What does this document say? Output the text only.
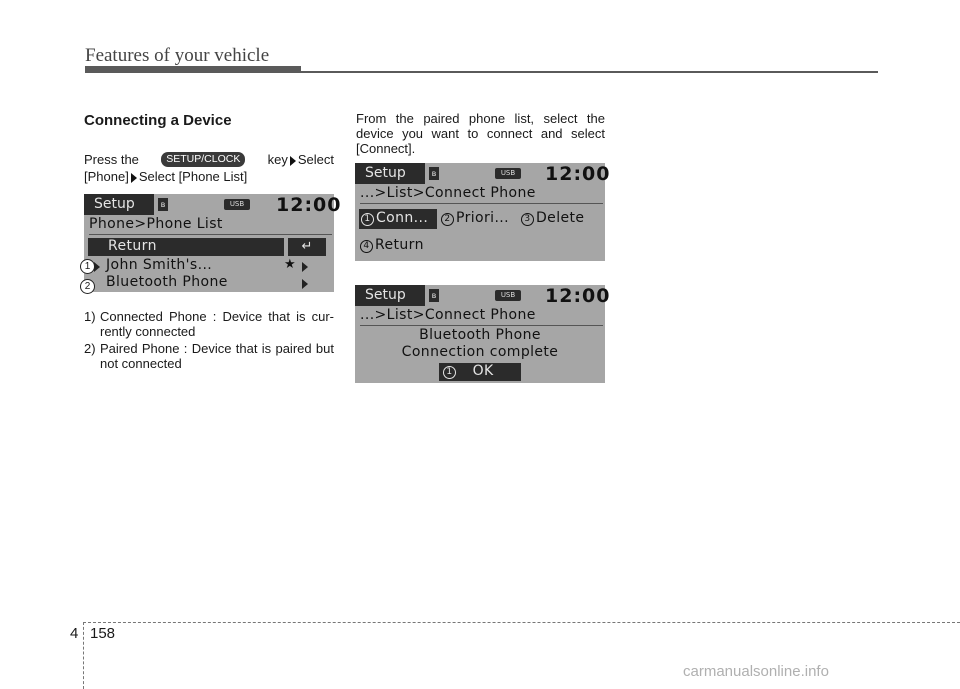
Features of your vehicle
Connecting a Device
Press the	SETUP/CLOCK	key Select
[Phone] Select [Phone List]
Setup	ʙ	USB	12:00
Phone>Phone List
Return	↵
John Smith's...	★
Bluetooth Phone
1
2
1) Connected Phone : Device that is cur-rently connected
2) Paired Phone : Device that is paired but not connected
From the paired phone list, select the device you want to connect and select [Connect].
Setup	ʙ	USB	12:00
...>List>Connect Phone
1 Conn...	2 Priori...	3 Delete
4 Return
Setup	ʙ	USB	12:00
...>List>Connect Phone
Bluetooth Phone
Connection complete
1 OK
4 158
carmanualsonline.info
